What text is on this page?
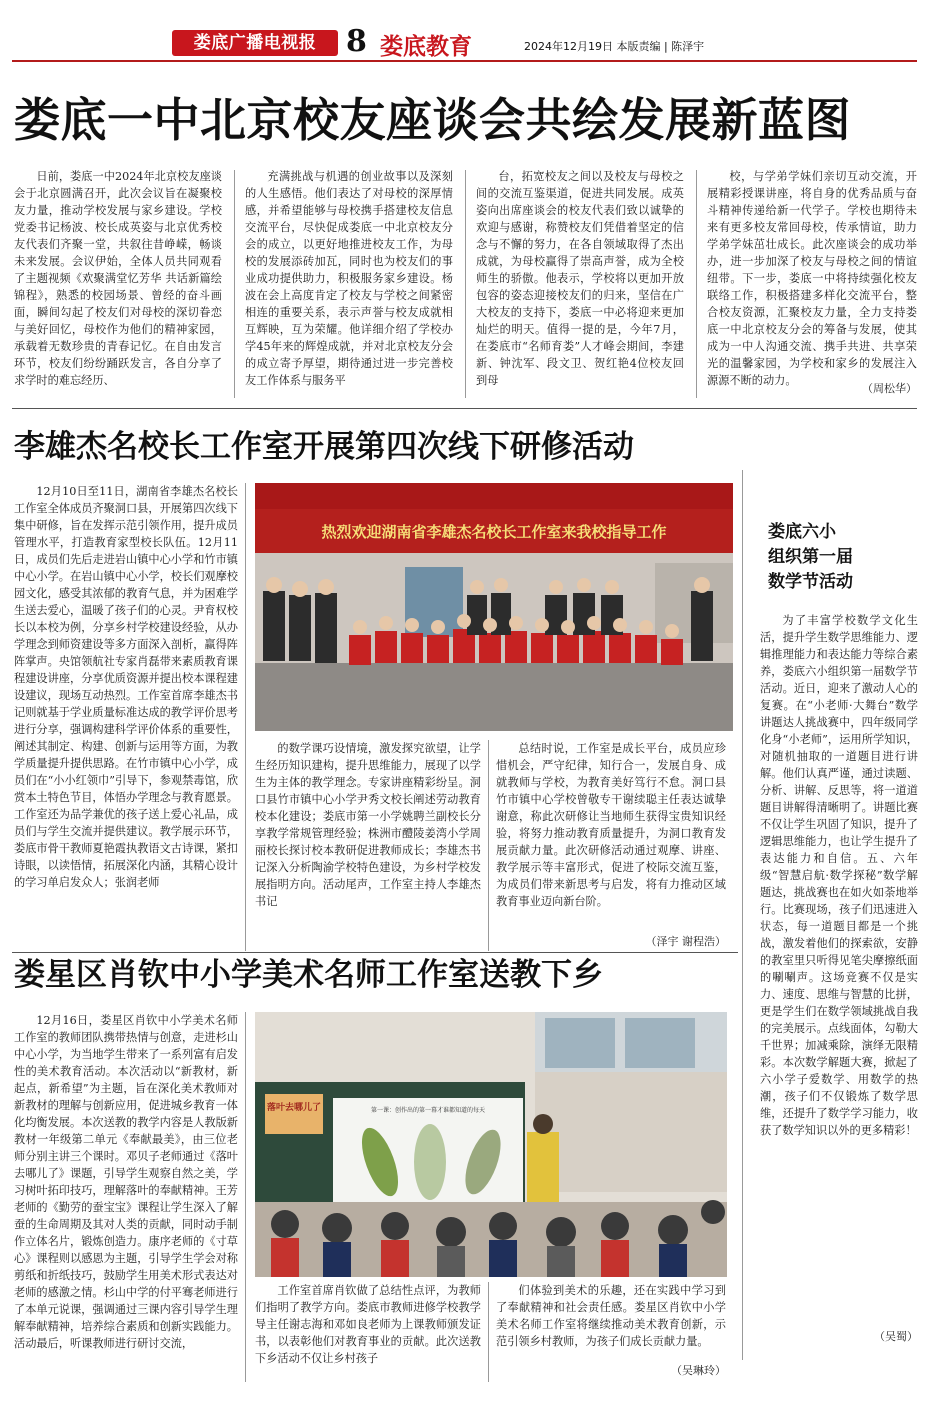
娄底广播电视报 8 娄底教育	2024年12月19日 本版责编 | 陈泽宇
娄底一中北京校友座谈会共绘发展新蓝图

日前，娄底一中2024年北京校友座谈会于北京圆满召开，此次会议旨在凝聚校友力量，推动学校发展与家乡建设。学校党委书记杨波、校长成英姿与北京优秀校友代表们齐聚一堂，共叙往昔峥嵘，畅谈未来发展。会议伊始，全体人员共同观看了主题视频《欢聚满堂忆芳华 共话新篇绘锦程》，熟悉的校园场景、曾经的奋斗画面，瞬间勾起了校友们对母校的深切眷恋与美好回忆，母校作为他们的精神家园，承载着无数珍贵的青春记忆。在自由发言环节，校友们纷纷踊跃发言，各自分享了求学时的难忘经历、

充满挑战与机遇的创业故事以及深刻的人生感悟。他们表达了对母校的深厚情感，并希望能够与母校携手搭建校友信息交流平台，尽快促成娄底一中北京校友分会的成立，以更好地推进校友工作，为母校的发展添砖加瓦，同时也为校友们的事业成功提供助力，积极服务家乡建设。杨波在会上高度肯定了校友与学校之间紧密相连的重要关系，表示声誉与校友成就相互辉映，互为荣耀。他详细介绍了学校办学45年来的辉煌成就，并对北京校友分会的成立寄予厚望，期待通过进一步完善校友工作体系与服务平

台，拓宽校友之间以及校友与母校之间的交流互鉴渠道，促进共同发展。成英姿向出席座谈会的校友代表们致以诚挚的欢迎与感谢，称赞校友们凭借着坚定的信念与不懈的努力，在各自领域取得了杰出成就，为母校赢得了崇高声誉，成为全校师生的骄傲。他表示，学校将以更加开放包容的姿态迎接校友们的归来，坚信在广大校友的支持下，娄底一中必将迎来更加灿烂的明天。值得一提的是，今年7月，在娄底市“名师育娄”人才峰会期间，李建新、钟沈军、段文卫、贺红艳4位校友回到母

校，与学弟学妹们亲切互动交流，开展精彩授课讲座，将自身的优秀品质与奋斗精神传递给新一代学子。学校也期待未来有更多校友常回母校，传承情谊，助力学弟学妹茁壮成长。此次座谈会的成功举办，进一步加深了校友与母校之间的情谊纽带。下一步，娄底一中将持续强化校友联络工作，积极搭建多样化交流平台，整合校友资源，汇聚校友力量，全力支持娄底一中北京校友分会的筹备与发展，使其成为一中人沟通交流、携手共进、共享荣光的温馨家园，为学校和家乡的发展注入源源不断的动力。

（周松华）
李雄杰名校长工作室开展第四次线下研修活动
热烈欢迎湖南省李雄杰名校长工作室来我校指导工作

12月10日至11日，湖南省李雄杰名校长工作室全体成员齐聚洞口县，开展第四次线下集中研修，旨在发挥示范引领作用，提升成员管理水平，打造教育家型校长队伍。12月11日，成员们先后走进岩山镇中心小学和竹市镇中心小学。在岩山镇中心小学，校长们观摩校园文化，感受其浓郁的教育气息，并为困难学生送去爱心，温暖了孩子们的心灵。尹育权校长以本校为例，分享乡村学校建设经验，从办学理念到师资建设等多方面深入剖析，赢得阵阵掌声。央馆领航社专家肖磊带来素质教育课程建设讲座，分享优质资源并提出校本课程建设建议，现场互动热烈。工作室首席李雄杰书记则就基于学业质量标准达成的教学评价思考进行分享，强调构建科学评价体系的重要性，阐述其制定、构建、创新与运用等方面，为教学质量提升提供思路。在竹市镇中心小学，成员们在“小小红领巾”引导下，参观禁毒馆，欣赏本土特色节目，体悟办学理念与教育愿景。工作室还为品学兼优的孩子送上爱心礼品，成员们与学生交流并提供建议。教学展示环节，娄底市骨干教师夏艳霞执教语文古诗课，紧扣诗眼，以读悟情，拓展深化内涵，其精心设计的学习单启发众人；张润老师

的数学课巧设情境，激发探究欲望，让学生经历知识建构，提升思维能力，展现了以学生为主体的教学理念。专家讲座精彩纷呈。洞口县竹市镇中心小学尹秀文校长阐述劳动教育校本化建设；娄底市第一小学姚聘兰副校长分享教学常规管理经验；株洲市醴陵姜湾小学周丽校长探讨校本教研促进教师成长；李雄杰书记深入分析陶渝学校特色建设，为乡村学校发展指明方向。活动尾声，工作室主持人李雄杰书记

总结时说，工作室是成长平台，成员应珍惜机会，严守纪律，知行合一，发展自身、成就教师与学校，为教育美好笃行不怠。洞口县竹市镇中心学校曾敬专干谢续聪主任表达诚挚谢意，称此次研修让当地师生获得宝贵知识经验，将努力推动教育质量提升，为洞口教育发展贡献力量。此次研修活动通过观摩、讲座、教学展示等丰富形式，促进了校际交流互鉴，为成员们带来新思考与启发，将有力推动区域教育事业迈向新台阶。

（泽宇 谢程浩）
娄底六小
组织第一届
数学节活动

为了丰富学校数学文化生活，提升学生数学思维能力、逻辑推理能力和表达能力等综合素养，娄底六小组织第一届数学节活动。近日，迎来了激动人心的复赛。在“小老师·大舞台”数学讲题达人挑战赛中，四年级同学化身“小老师”，运用所学知识，对随机抽取的一道题目进行讲解。他们认真严谨，通过读题、分析、讲解、反思等，将一道道题目讲解得清晰明了。讲题比赛不仅让学生巩固了知识，提升了逻辑思维能力，也让学生提升了表达能力和自信。五、六年级“智慧启航·数学探秘”数学解题达，挑战赛也在如火如荼地举行。比赛现场，孩子们迅速进入状态，每一道题目都是一个挑战，激发着他们的探索欲，安静的教室里只听得见笔尖摩擦纸面的唰唰声。这场竞赛不仅是实力、速度、思维与智慧的比拼，更是学生们在数学领域挑战自我的完美展示。点线面体，勾勒大千世界；加减乘除，演绎无限精彩。本次数学解题大赛，掀起了六小学子爱数学、用数学的热潮，孩子们不仅锻炼了数学思维，还提升了数学学习能力，收获了数学知识以外的更多精彩！

（吴蜀）
娄星区肖钦中小学美术名师工作室送教下乡
落叶去哪儿了	第一课：创作出的第一幕才谁都知道的每天

12月16日，娄星区肖钦中小学美术名师工作室的教师团队携带热情与创意，走进杉山中心小学，为当地学生带来了一系列富有启发性的美术教育活动。本次活动以“新教材，新起点，新希望”为主题，旨在深化美术教师对新教材的理解与创新应用，促进城乡教育一体化均衡发展。本次送教的教学内容是人教版新教材一年级第二单元《奉献最美》，由三位老师分别主讲三个课时。邓贝子老师通过《落叶去哪儿了》课题，引导学生观察自然之美，学习树叶拓印技巧，理解落叶的奉献精神。王芳老师的《勤劳的蚕宝宝》课程让学生深入了解蚕的生命周期及其对人类的贡献，同时动手制作立体名片，锻炼创造力。康序老师的《寸草心》课程则以感恩为主题，引导学生学会对称剪纸和折纸技巧，鼓励学生用美术形式表达对老师的感激之情。杉山中学的付平骞老师进行了本单元说课，强调通过三课内容引导学生理解奉献精神，培养综合素质和创新实践能力。活动最后，听课教师进行研讨交流，

工作室首席肖钦做了总结性点评，为教师们指明了教学方向。娄底市教师进修学校教学导主任谢志海和邓如良老师为上课教师颁发证书，以表彰他们对教育事业的贡献。此次送教下乡活动不仅让乡村孩子

们体验到美术的乐趣，还在实践中学习到了奉献精神和社会责任感。娄星区肖钦中小学美术名师工作室将继续推动美术教育创新，示范引领乡村教师，为孩子们成长贡献力量。

（吴琳玲）
